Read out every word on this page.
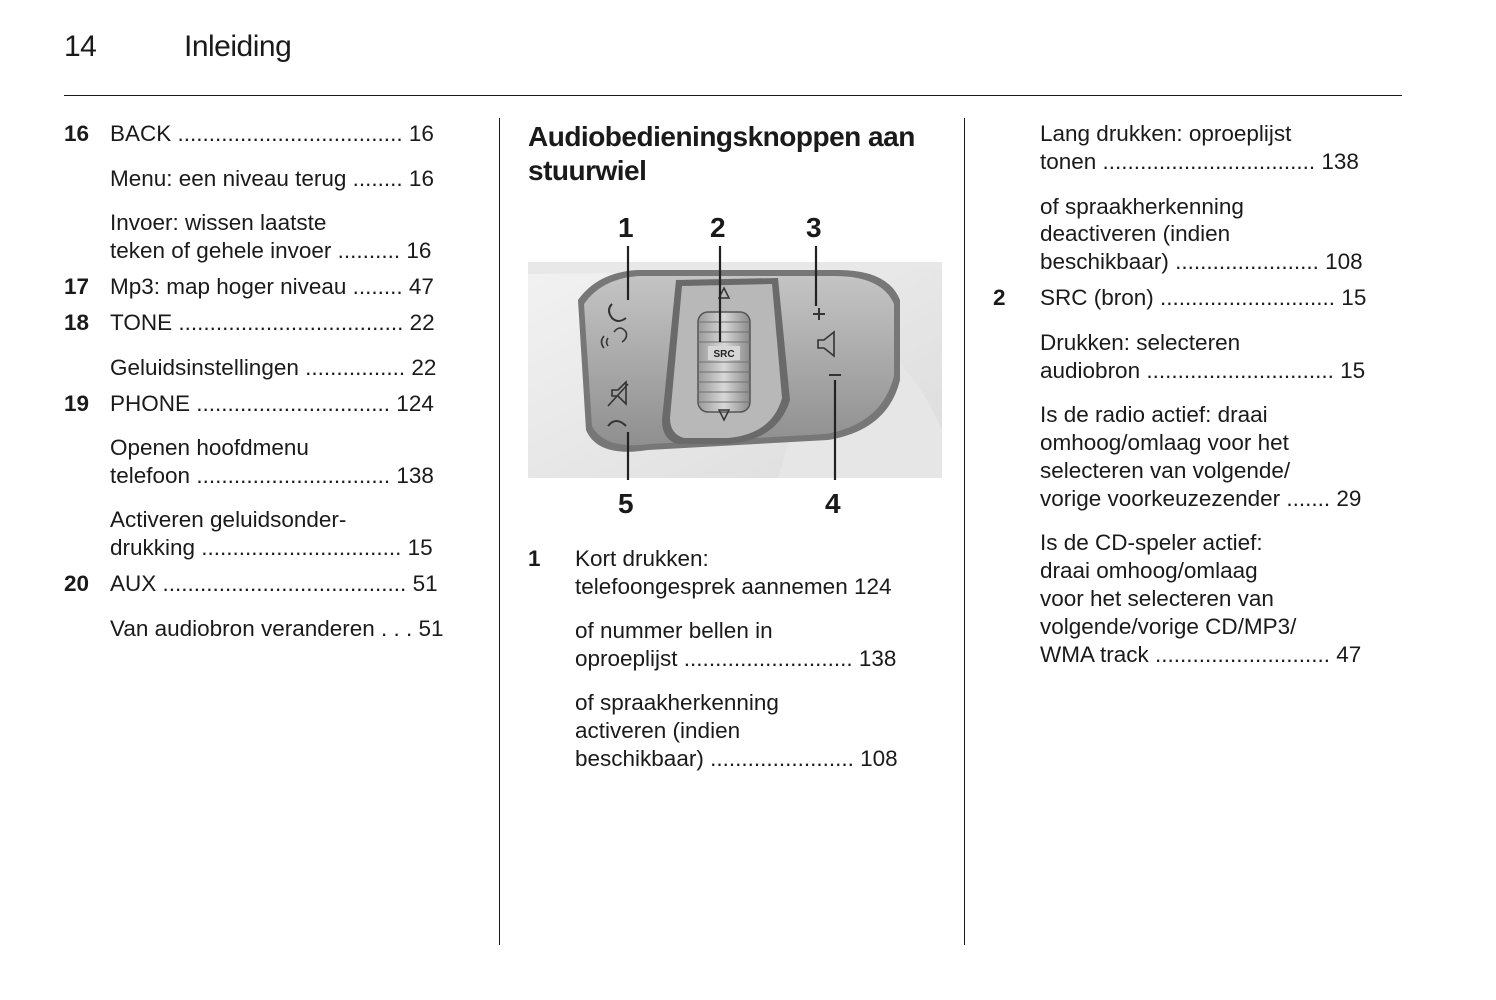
14	Inleiding
16 BACK .................................... 16
Menu: een niveau terug ........ 16
Invoer: wissen laatste
teken of gehele invoer .......... 16
17 Mp3: map hoger niveau ........ 47
18 TONE .................................... 22
Geluidsinstellingen ................ 22
19 PHONE ............................... 124
Openen hoofdmenu
telefoon ............................... 138
Activeren geluidsonder-
drukking ................................ 15
20 AUX ....................................... 51
Van audiobron veranderen . . . 51
Audiobedieningsknoppen aan
stuurwiel
SRC
1	2	3
4
5
1 Kort drukken:
telefoongesprek aannemen 124
of nummer bellen in
oproeplijst ........................... 138
of spraakherkenning
activeren (indien
beschikbaar) ....................... 108
Lang drukken: oproeplijst
tonen .................................. 138
of spraakherkenning
deactiveren (indien
beschikbaar) ....................... 108
2 SRC (bron) ............................ 15
Drukken: selecteren
audiobron .............................. 15
Is de radio actief: draai
omhoog/omlaag voor het
selecteren van volgende/
vorige voorkeuzezender ....... 29
Is de CD-speler actief:
draai omhoog/omlaag
voor het selecteren van
volgende/vorige CD/MP3/
WMA track ............................ 47
